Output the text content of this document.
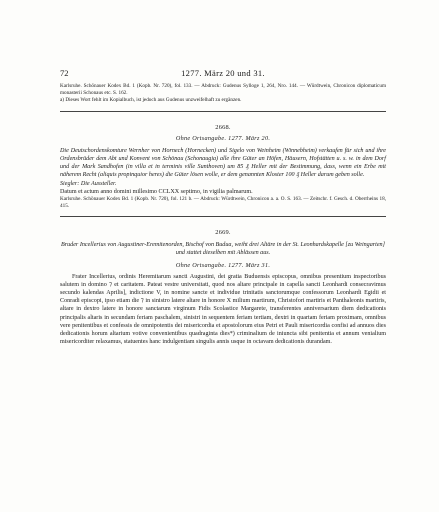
72	1277. März 20 und 31.

Karlsruhe. Schönauer Kodex Bd. 1 (Kopb. Nr. 720), fol. 133. — Abdruck: Gudenus Sylloge 1, 264, Nro. 144. — Würdtwein, Chronicon diplomaticum monasterii Schonaus etc. S. 162.

a) Dieses Wort fehlt im Kopialbuch, ist jedoch aus Gudenus unzweifelhaft zu ergänzen.

2668.
Ohne Ortsangabe. 1277. März 20.

Die Deutschordenskomture Wernher von Hornech (Hornecken) und Sigelo von Weinheim (Winnebheim) verkaufen für sich und ihre Ordensbrüder dem Abt und Konvent von Schönau (Schonaugia) alle ihre Güter an Höfen, Häusern, Hofstätten u. s. w. in dem Dorf und der Mark Sandhofen (in villa et in terminis ville Sunthoven) um 85 ₰ Heller mit der Bestimmung, dass, wenn ein Erbe mit näherem Recht (aliquis propinquior heres) die Güter lösen wolle, er dem genannten Kloster 100 ₰ Heller darum geben solle.

Siegler: Die Aussteller.

Datum et actum anno domini millesimo CCLXX septimo, in vigilia palmarum.

Karlsruhe. Schönauer Kodex Bd. 1 (Kopb. Nr. 720), fol. 121 b. — Abdruck: Würdtwein, Chronicon a. a. O. S. 163. — Zeitschr. f. Gesch. d. Oberrheins 18, 415.

2669.

Bruder Incellerius von Augustiner-Eremitenorden, Bischof von Budua, weiht drei Altäre in der St. Leonhardskapelle [zu Weingarten] und stattet dieselben mit Ablässen aus.

Ohne Ortsangabe. 1277. März 31.

Frater Incellerius, ordinis Heremitarum sancti Augustini, dei gratia Buduensis episcopus, omnibus presentium inspectoribus salutem in domino ⁊ et caritatem. Pateat vestre universitati, quod nos altare principale in capella sancti Leonhardi consecravimus secundo kalendas Aprilis], indictione V, in nomine sancte et individue trinitatis sanctorumque confessorum Leonhardi Egidii et Conradi episcopi, ipso etiam die ⁊ in sinistro latere altare in honore X milium martirum, Christofori martiris et Panthaleonis martiris, altare in dextro latere in honore sanctarum virginum Fidis Scolastice Margarete, transferentes anniversarium diem dedicationis principalis altaris in secundam feriam paschalem, sinistri in sequentem feriam tertiam, dextri in quartam feriam proximam, omnibus vere penitentibus et confessis de omnipotentis dei misericordia et apostolorum eius Petri et Pauli misericordia confisi ad annuos dies dedicationis horum altarium votive convenientibus quadraginta dies*) criminalium de iniuncta sibi penitentia et annum venialium misericorditer relaxamus, statuentes hanc indulgentiam singulis annis usque in octavam dedicationis durandam.
